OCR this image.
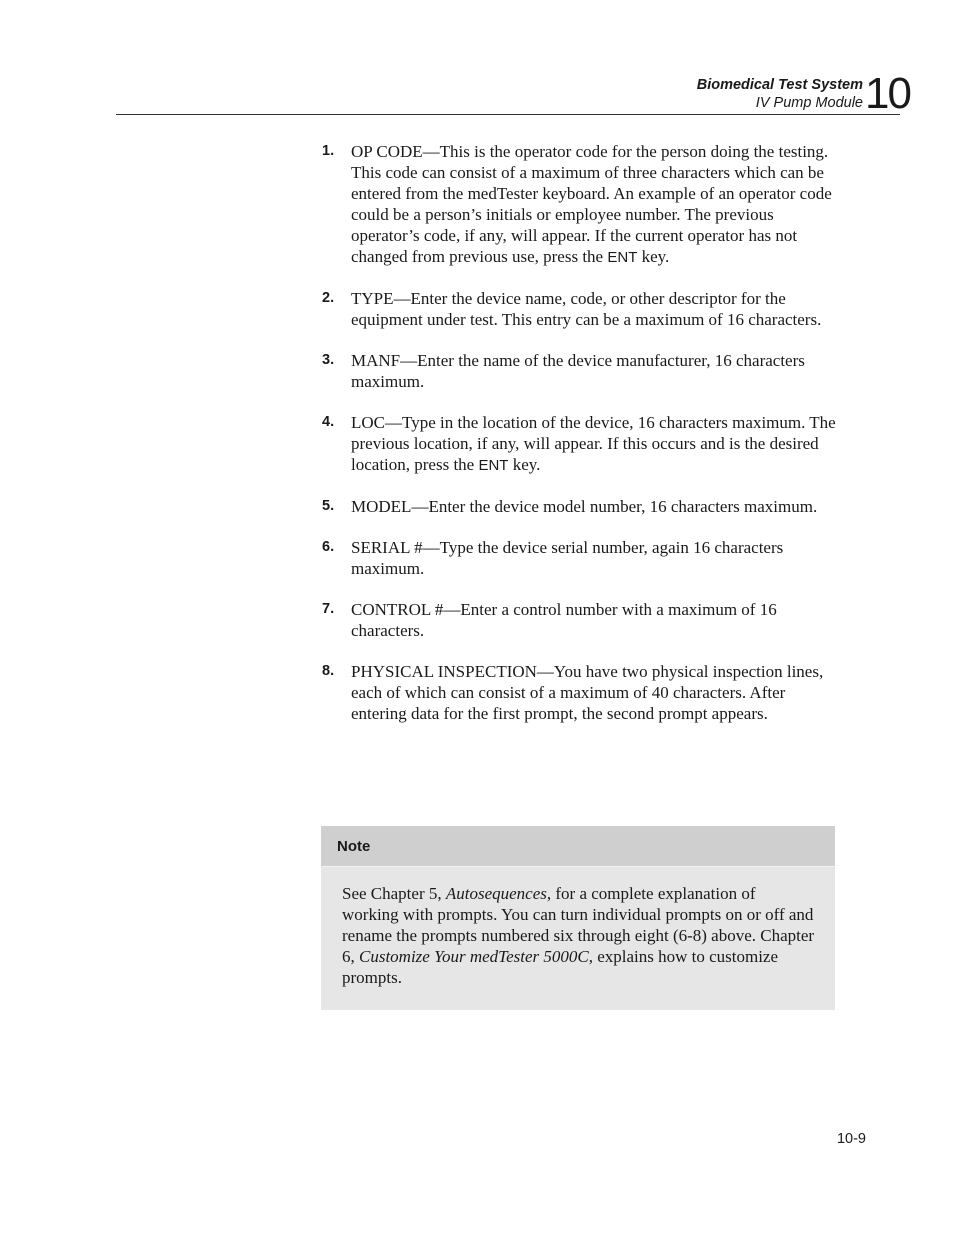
Biomedical Test System
IV Pump Module 10
1. OP CODE—This is the operator code for the person doing the testing. This code can consist of a maximum of three characters which can be entered from the medTester keyboard. An example of an operator code could be a person’s initials or employee number. The previous operator’s code, if any, will appear. If the current operator has not changed from previous use, press the ENT key.
2. TYPE—Enter the device name, code, or other descriptor for the equipment under test. This entry can be a maximum of 16 characters.
3. MANF—Enter the name of the device manufacturer, 16 characters maximum.
4. LOC—Type in the location of the device, 16 characters maximum. The previous location, if any, will appear. If this occurs and is the desired location, press the ENT key.
5. MODEL—Enter the device model number, 16 characters maximum.
6. SERIAL #—Type the device serial number, again 16 characters maximum.
7. CONTROL #—Enter a control number with a maximum of 16 characters.
8. PHYSICAL INSPECTION—You have two physical inspection lines, each of which can consist of a maximum of 40 characters. After entering data for the first prompt, the second prompt appears.
Note
See Chapter 5, Autosequences, for a complete explanation of working with prompts. You can turn individual prompts on or off and rename the prompts numbered six through eight (6-8) above. Chapter 6, Customize Your medTester 5000C, explains how to customize prompts.
10-9
